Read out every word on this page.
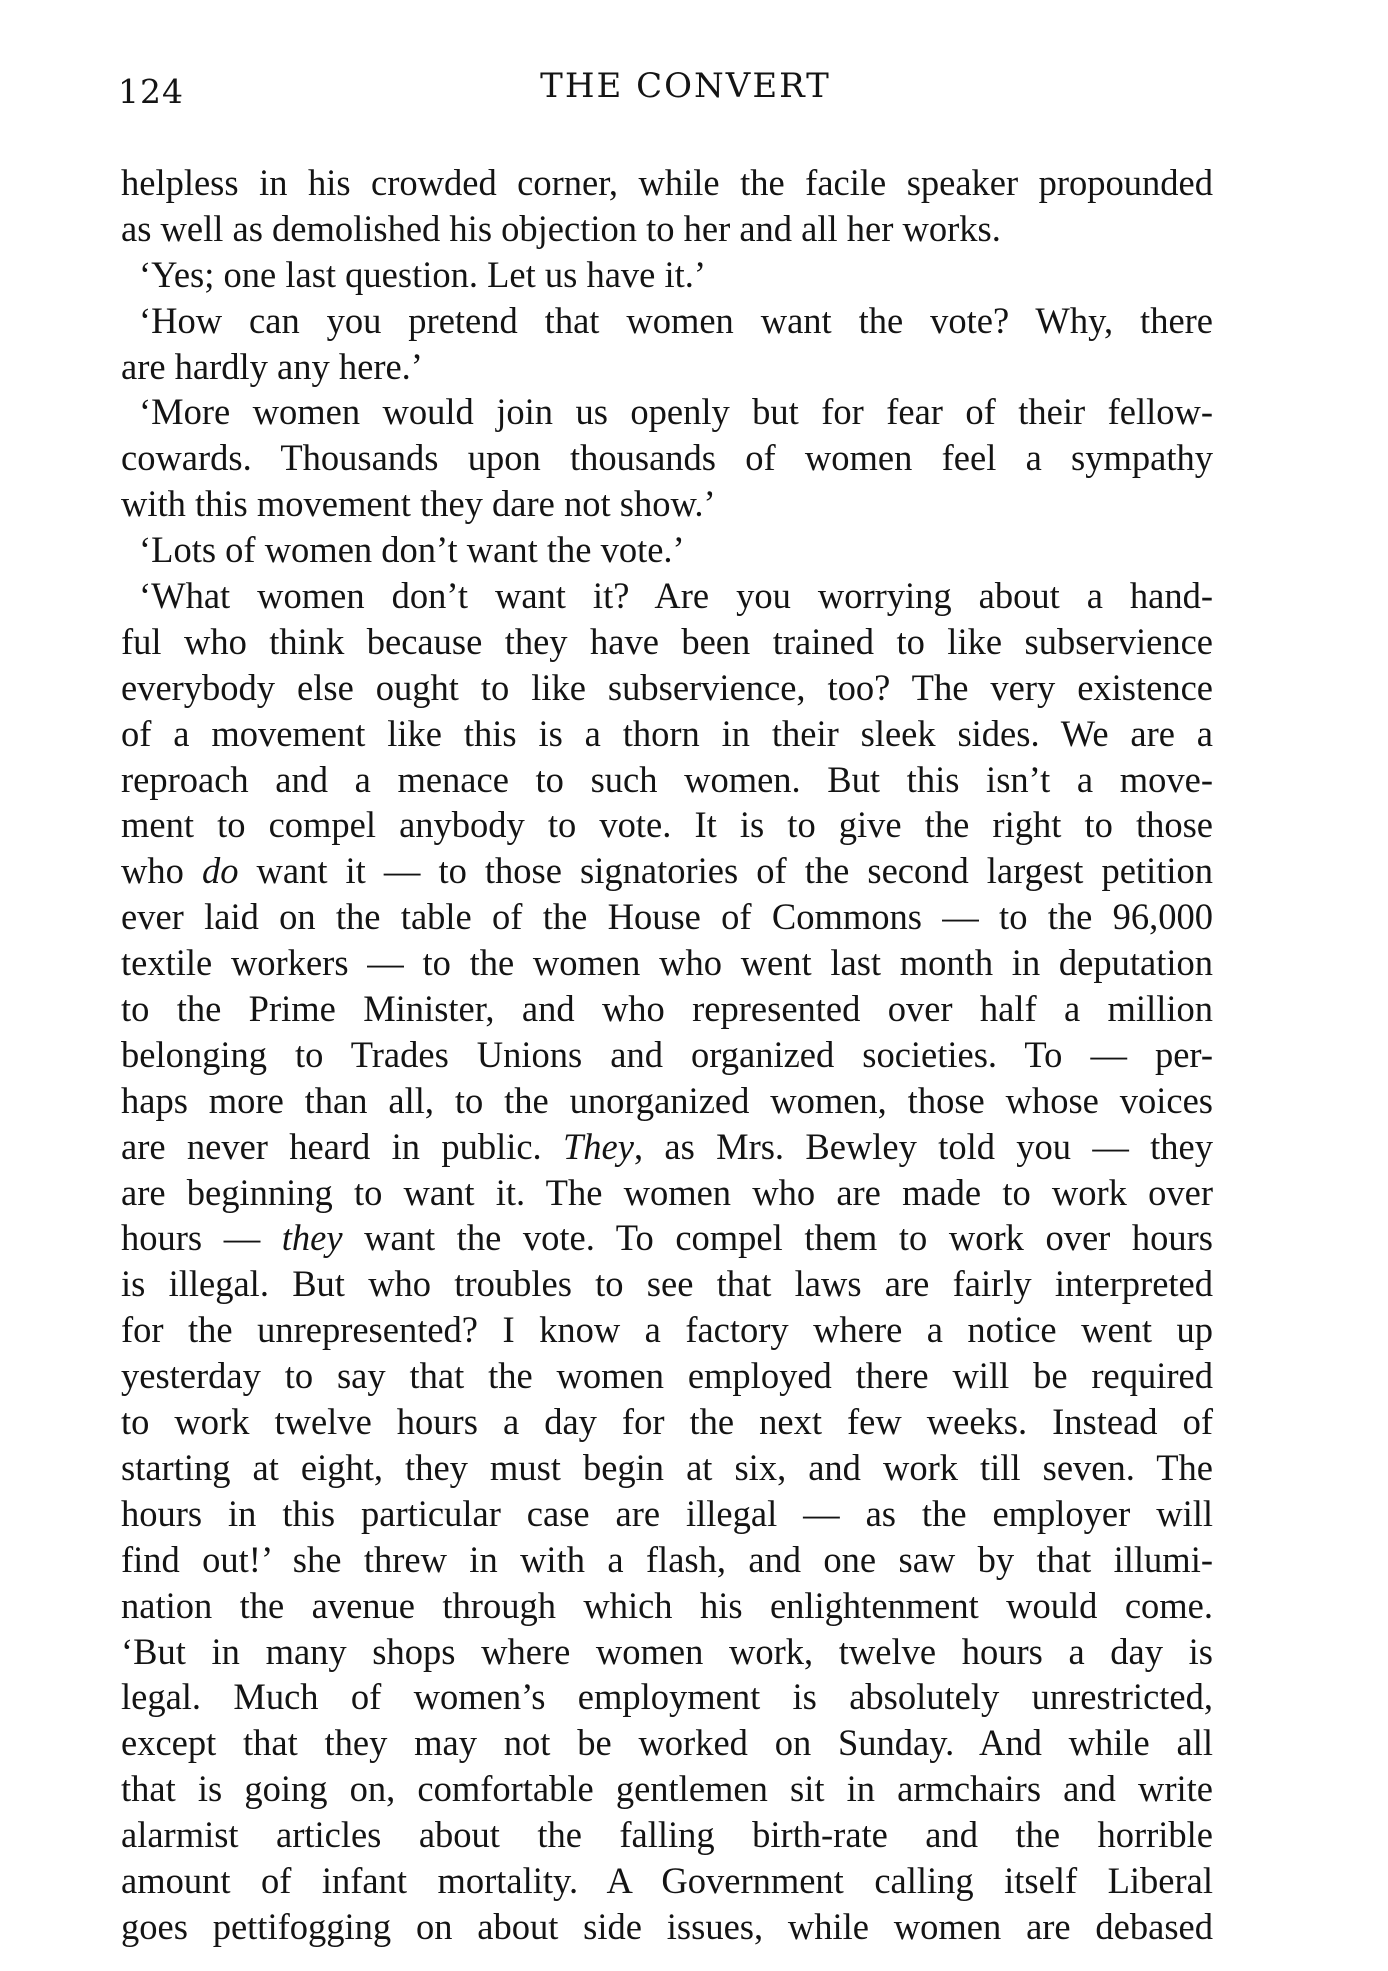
124	THE CONVERT
helpless in his crowded corner, while the facile speaker propounded
as well as demolished his objection to her and all her works.
‘Yes; one last question. Let us have it.’
‘How can you pretend that women want the vote? Why, there
are hardly any here.’
‘More women would join us openly but for fear of their fellow-
cowards. Thousands upon thousands of women feel a sympathy
with this movement they dare not show.’
‘Lots of women don’t want the vote.’
‘What women don’t want it? Are you worrying about a hand-
ful who think because they have been trained to like subservience
everybody else ought to like subservience, too? The very existence
of a movement like this is a thorn in their sleek sides. We are a
reproach and a menace to such women. But this isn’t a move-
ment to compel anybody to vote. It is to give the right to those
who do want it — to those signatories of the second largest petition
ever laid on the table of the House of Commons — to the 96,000
textile workers — to the women who went last month in deputation
to the Prime Minister, and who represented over half a million
belonging to Trades Unions and organized societies. To — per-
haps more than all, to the unorganized women, those whose voices
are never heard in public. They, as Mrs. Bewley told you — they
are beginning to want it. The women who are made to work over
hours — they want the vote. To compel them to work over hours
is illegal. But who troubles to see that laws are fairly interpreted
for the unrepresented? I know a factory where a notice went up
yesterday to say that the women employed there will be required
to work twelve hours a day for the next few weeks. Instead of
starting at eight, they must begin at six, and work till seven. The
hours in this particular case are illegal — as the employer will
find out!’ she threw in with a flash, and one saw by that illumi-
nation the avenue through which his enlightenment would come.
‘But in many shops where women work, twelve hours a day is
legal. Much of women’s employment is absolutely unrestricted,
except that they may not be worked on Sunday. And while all
that is going on, comfortable gentlemen sit in armchairs and write
alarmist articles about the falling birth-rate and the horrible
amount of infant mortality. A Government calling itself Liberal
goes pettifogging on about side issues, while women are debased
